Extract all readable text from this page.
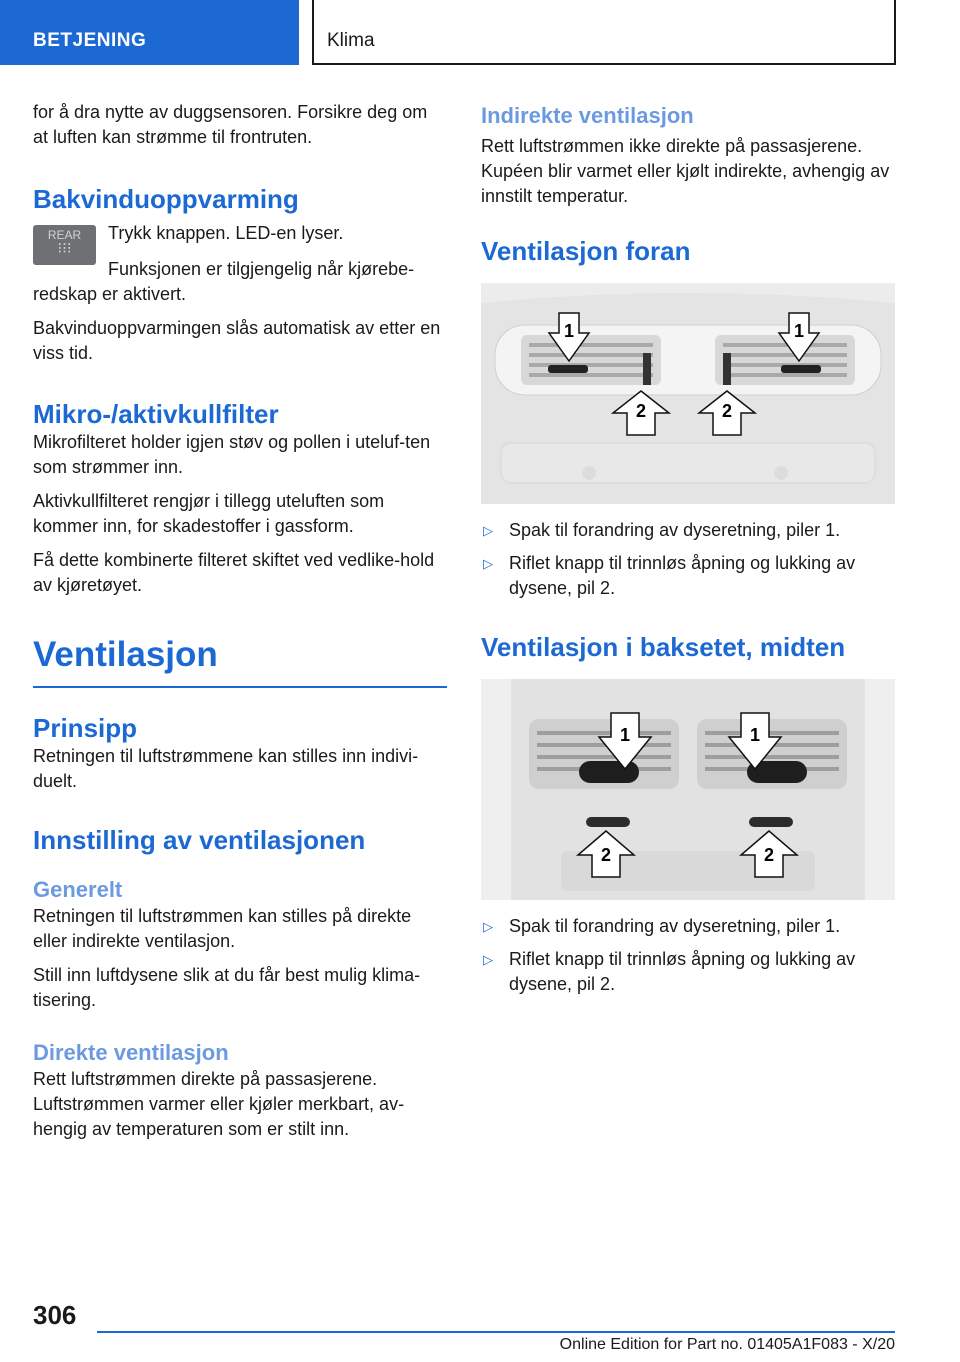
BETJENING	Klima

for å dra nytte av duggsensoren. Forsikre deg om at luften kan strømme til frontruten.

Bakvinduoppvarming
REAR
⁝⁝⁝

Trykk knappen. LED-en lyser.

Funksjonen er tilgjengelig når kjørebe-redskap er aktivert.

Bakvinduoppvarmingen slås automatisk av etter en viss tid.

Mikro-/aktivkullfilter

Mikrofilteret holder igjen støv og pollen i uteluf-ten som strømmer inn.

Aktivkullfilteret rengjør i tillegg uteluften som kommer inn, for skadestoffer i gassform.

Få dette kombinerte filteret skiftet ved vedlike-hold av kjøretøyet.

Ventilasjon
Prinsipp

Retningen til luftstrømmene kan stilles inn indivi-duelt.

Innstilling av ventilasjonen
Generelt

Retningen til luftstrømmen kan stilles på direkte eller indirekte ventilasjon.

Still inn luftdysene slik at du får best mulig klima-tisering.

Direkte ventilasjon

Rett luftstrømmen direkte på passasjerene. Luftstrømmen varmer eller kjøler merkbart, av-hengig av temperaturen som er stilt inn.

Indirekte ventilasjon

Rett luftstrømmen ikke direkte på passasjerene. Kupéen blir varmet eller kjølt indirekte, avhengig av innstilt temperatur.

Ventilasjon foran
1	1
2	2
▷ Spak til forandring av dyseretning, piler 1.
▷ Riflet knapp til trinnløs åpning og lukking av dysene, pil 2.
Ventilasjon i baksetet, midten
1	1
2	2
▷ Spak til forandring av dyseretning, piler 1.
▷ Riflet knapp til trinnløs åpning og lukking av dysene, pil 2.
306
Online Edition for Part no. 01405A1F083 - X/20
